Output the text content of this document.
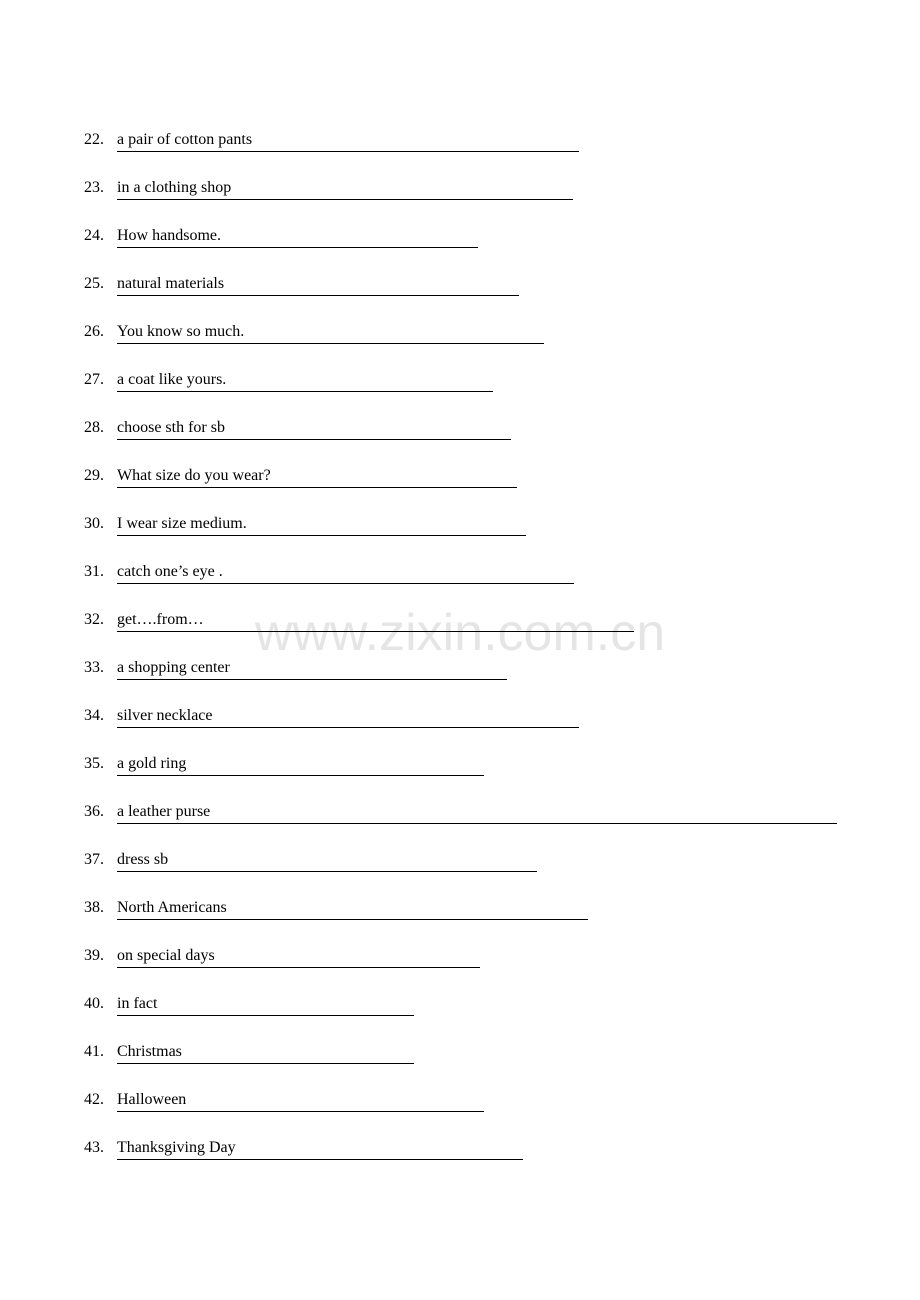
22. a pair of cotton pants
23. in a clothing shop
24. How handsome.
25. natural materials
26. You know so much.
27. a coat like yours.
28. choose sth for sb
29. What size do you wear?
30. I wear size medium.
31. catch one’s eye .
32. get….from…
33. a shopping center
34. silver necklace
35. a gold ring
36. a leather purse
37. dress sb
38. North Americans
39. on special days
40. in fact
41. Christmas
42. Halloween
43. Thanksgiving Day
www.zixin.com.cn
